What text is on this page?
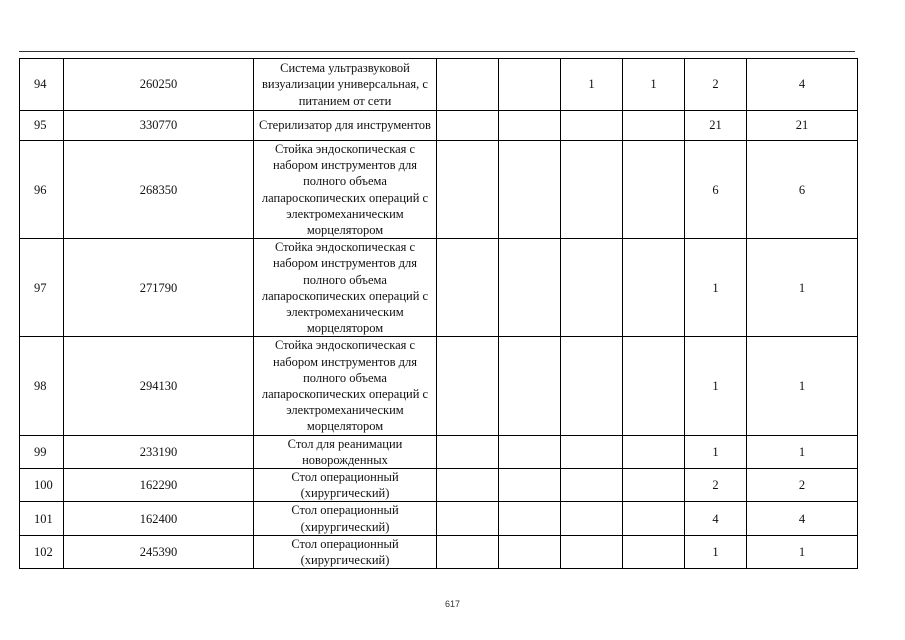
94	260250	Система ультразвуковой визуализации универсальная, с питанием от сети			1	1	2	4
95	330770	Стерилизатор для инструментов					21	21
96	268350	Стойка эндоскопическая с набором инструментов для полного объема лапароскопических операций с электромеханическим морцелятором					6	6
97	271790	Стойка эндоскопическая с набором инструментов для полного объема лапароскопических операций с электромеханическим морцелятором					1	1
98	294130	Стойка эндоскопическая с набором инструментов для полного объема лапароскопических операций с электромеханическим морцелятором					1	1
99	233190	Стол для реанимации новорожденных					1	1
100	162290	Стол операционный (хирургический)					2	2
101	162400	Стол операционный (хирургический)					4	4
102	245390	Стол операционный (хирургический)					1	1
617
